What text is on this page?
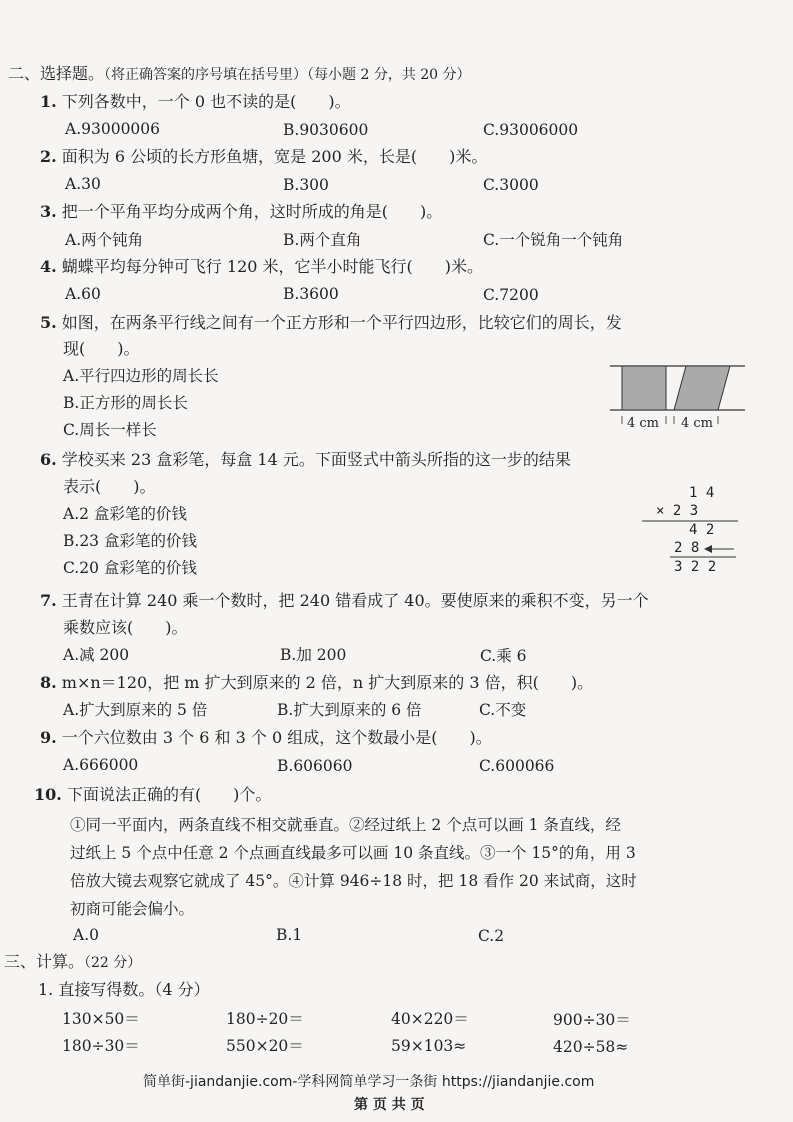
二、选择题。（将正确答案的序号填在括号里）（每小题 2 分，共 20 分）
1. 下列各数中，一个 0 也不读的是(　　)。
A.93000006	B.9030600	C.93006000
2. 面积为 6 公顷的长方形鱼塘，宽是 200 米，长是(　　)米。
A.30	B.300	C.3000
3. 把一个平角平均分成两个角，这时所成的角是(　　)。
A.两个钝角	B.两个直角	C.一个锐角一个钝角
4. 蝴蝶平均每分钟可飞行 120 米，它半小时能飞行(　　)米。
A.60	B.3600	C.7200
5. 如图，在两条平行线之间有一个正方形和一个平行四边形，比较它们的周长，发
现(　　)。
A.平行四边形的周长长
B.正方形的周长长
C.周长一样长	4 cm 4 cm
6. 学校买来 23 盒彩笔，每盒 14 元。下面竖式中箭头所指的这一步的结果
表示(　　)。
A.2 盒彩笔的价钱
B.23 盒彩笔的价钱
C.20 盒彩笔的价钱
1 4
× 2 3
4 2
2 8
3 2 2
7. 王青在计算 240 乘一个数时，把 240 错看成了 40。要使原来的乘积不变，另一个
乘数应该(　　)。
A.减 200	B.加 200	C.乘 6
8. m×n＝120，把 m 扩大到原来的 2 倍，n 扩大到原来的 3 倍，积(　　)。
A.扩大到原来的 5 倍	B.扩大到原来的 6 倍	C.不变
9. 一个六位数由 3 个 6 和 3 个 0 组成，这个数最小是(　　)。
A.666000	B.606060	C.600066
10. 下面说法正确的有(　　)个。
①同一平面内，两条直线不相交就垂直。②经过纸上 2 个点可以画 1 条直线，经
过纸上 5 个点中任意 2 个点画直线最多可以画 10 条直线。③一个 15°的角，用 3
倍放大镜去观察它就成了 45°。④计算 946÷18 时，把 18 看作 20 来试商，这时
初商可能会偏小。
A.0	B.1	C.2
三、计算。（22 分）
1. 直接写得数。（4 分）
130×50＝	180÷20＝	40×220＝	900÷30＝
180÷30＝	550×20＝	59×103≈	420÷58≈
简单街-jiandanjie.com-学科网简单学习一条街 https://jiandanjie.com
第 页 共 页
